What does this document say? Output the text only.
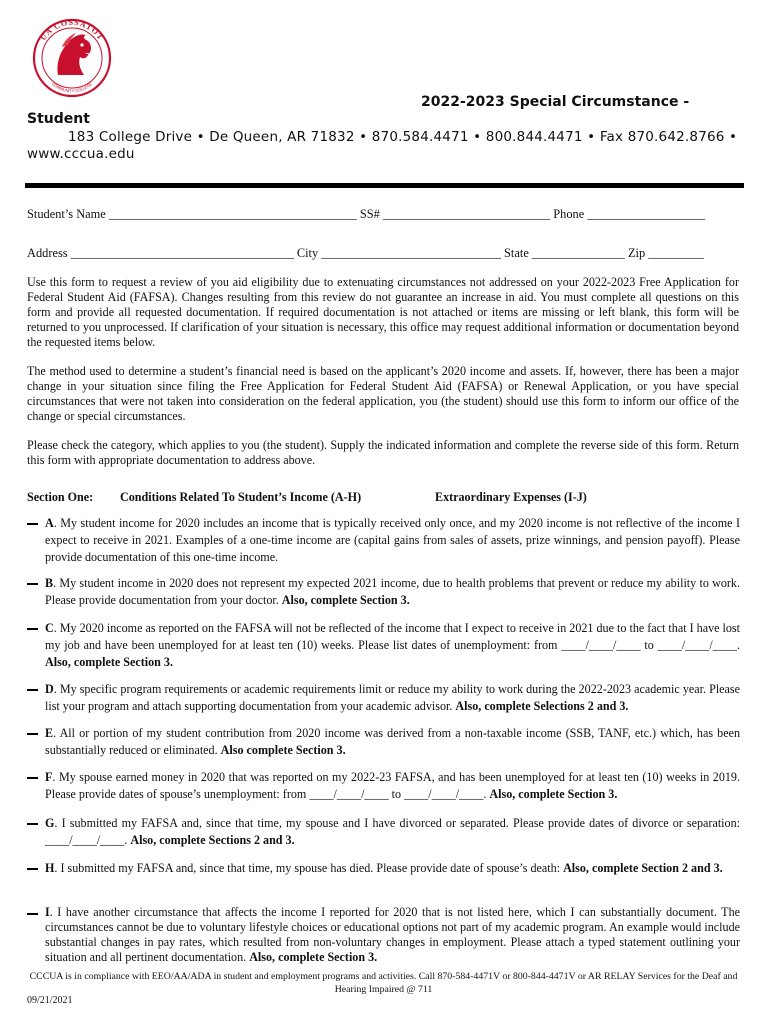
UA COSSATOT
COMMUNITY COLLEGE
2022-2023 Special Circumstance -
Student
183 College Drive • De Queen, AR 71832 • 870.584.4471 • 800.844.4471 • Fax 870.642.8766 •
www.cccua.edu
Student’s Name ________________________________________ SS# ___________________________ Phone ___________________
Address ____________________________________ City _____________________________ State _______________ Zip _________
Use this form to request a review of you aid eligibility due to extenuating circumstances not addressed on your 2022-2023 Free Application for Federal Student Aid (FAFSA). Changes resulting from this review do not guarantee an increase in aid. You must complete all questions on this form and provide all requested documentation. If required documentation is not attached or items are missing or left blank, this form will be returned to you unprocessed. If clarification of your situation is necessary, this office may request additional information or documentation beyond the requested items below.
The method used to determine a student’s financial need is based on the applicant’s 2020 income and assets. If, however, there has been a major change in your situation since filing the Free Application for Federal Student Aid (FAFSA) or Renewal Application, or you have special circumstances that were not taken into consideration on the federal application, you (the student) should use this form to inform our office of the change or special circumstances.
Please check the category, which applies to you (the student). Supply the indicated information and complete the reverse side of this form. Return this form with appropriate documentation to address above.
Section One: Conditions Related To Student’s Income (A-H)	Extraordinary Expenses (I-J)
A. My student income for 2020 includes an income that is typically received only once, and my 2020 income is not reflective of the income I expect to receive in 2021. Examples of a one-time income are (capital gains from sales of assets, prize winnings, and pension payoff). Please provide documentation of this one-time income.
B. My student income in 2020 does not represent my expected 2021 income, due to health problems that prevent or reduce my ability to work. Please provide documentation from your doctor. Also, complete Section 3.
C. My 2020 income as reported on the FAFSA will not be reflected of the income that I expect to receive in 2021 due to the fact that I have lost my job and have been unemployed for at least ten (10) weeks. Please list dates of unemployment: from ____/____/____ to ____/____/____. Also, complete Section 3.
D. My specific program requirements or academic requirements limit or reduce my ability to work during the 2022-2023 academic year. Please list your program and attach supporting documentation from your academic advisor. Also, complete Selections 2 and 3.
E. All or portion of my student contribution from 2020 income was derived from a non-taxable income (SSB, TANF, etc.) which, has been substantially reduced or eliminated. Also complete Section 3.
F. My spouse earned money in 2020 that was reported on my 2022-23 FAFSA, and has been unemployed for at least ten (10) weeks in 2019. Please provide dates of spouse’s unemployment: from ____/____/____ to ____/____/____. Also, complete Section 3.
G. I submitted my FAFSA and, since that time, my spouse and I have divorced or separated. Please provide dates of divorce or separation: ____/____/____. Also, complete Sections 2 and 3.
H. I submitted my FAFSA and, since that time, my spouse has died. Please provide date of spouse’s death: Also, complete Section 2 and 3.
I. I have another circumstance that affects the income I reported for 2020 that is not listed here, which I can substantially document. The circumstances cannot be due to voluntary lifestyle choices or educational options not part of my academic program. An example would include substantial changes in pay rates, which resulted from non-voluntary changes in employment. Please attach a typed statement outlining your situation and all pertinent documentation. Also, complete Section 3.
CCCUA is in compliance with EEO/AA/ADA in student and employment programs and activities. Call 870-584-4471V or 800-844-4471V or AR RELAY Services for the Deaf and Hearing Impaired @ 711
09/21/2021
